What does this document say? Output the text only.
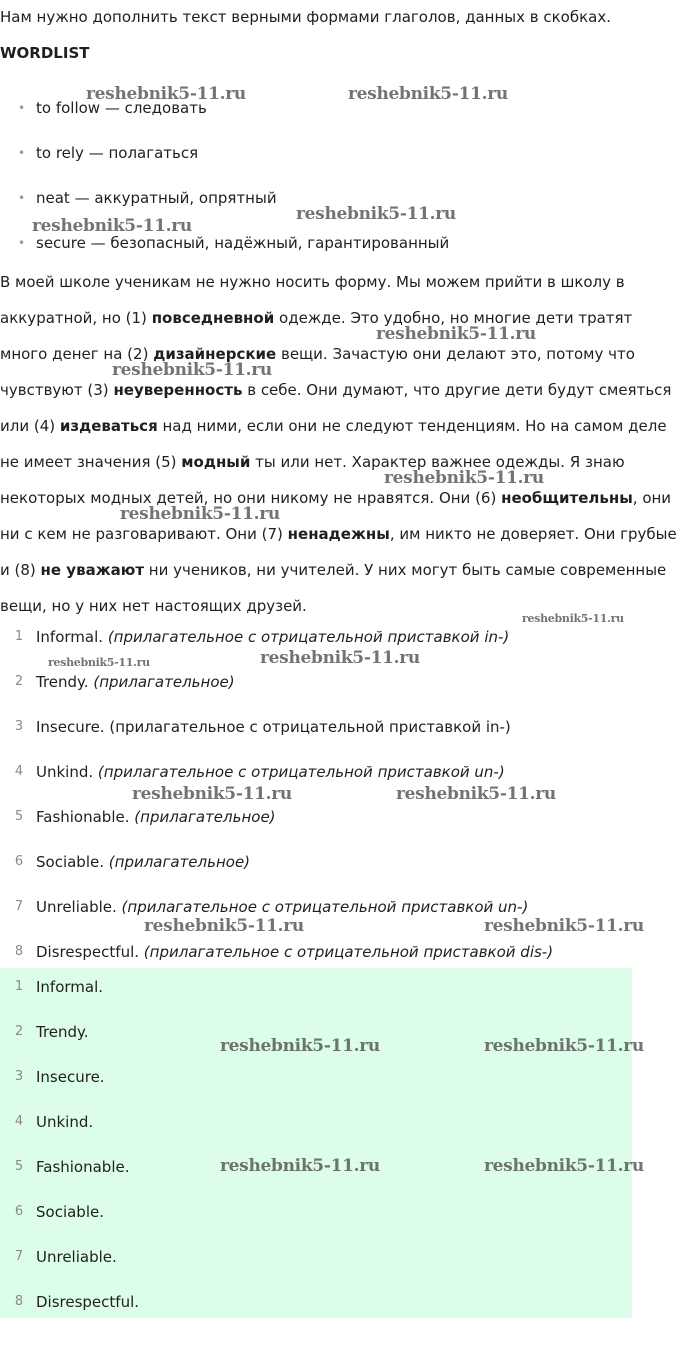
Нам нужно дополнить текст верными формами глаголов, данных в скобках.

WORDLIST

• to follow — следовать
• to rely — полагаться
• neat — аккуратный, опрятный
• secure — безопасный, надёжный, гарантированный

В моей школе ученикам не нужно носить форму. Мы можем прийти в школу в аккуратной, но (1) повседневной одежде. Это удобно, но многие дети тратят много денег на (2) дизайнерские вещи. Зачастую они делают это, потому что чувствуют (3) неуверенность в себе. Они думают, что другие дети будут смеяться или (4) издеваться над ними, если они не следуют тенденциям. Но на самом деле не имеет значения (5) модный ты или нет. Характер важнее одежды. Я знаю некоторых модных детей, но они никому не нравятся. Они (6) необщительны, они ни с кем не разговаривают. Они (7) ненадежны, им никто не доверяет. Они грубые и (8) не уважают ни учеников, ни учителей. У них могут быть самые современные вещи, но у них нет настоящих друзей.

1 Informal. (прилагательное с отрицательной приставкой in-)
2 Trendy. (прилагательное)
3 Insecure. (прилагательное с отрицательной приставкой in-)
4 Unkind. (прилагательное с отрицательной приставкой un-)
5 Fashionable. (прилагательное)
6 Sociable. (прилагательное)
7 Unreliable. (прилагательное с отрицательной приставкой un-)
8 Disrespectful. (прилагательное с отрицательной приставкой dis-)
1 Informal.
2 Trendy.
3 Insecure.
4 Unkind.
5 Fashionable.
6 Sociable.
7 Unreliable.
8 Disrespectful.
reshebnik5-11.ru	reshebnik5-11.ru
reshebnik5-11.ru
reshebnik5-11.ru
reshebnik5-11.ru
reshebnik5-11.ru
reshebnik5-11.ru
reshebnik5-11.ru
reshebnik5-11.ru
reshebnik5-11.ru	reshebnik5-11.ru
reshebnik5-11.ru	reshebnik5-11.ru
reshebnik5-11.ru	reshebnik5-11.ru
reshebnik5-11.ru	reshebnik5-11.ru
reshebnik5-11.ru	reshebnik5-11.ru
